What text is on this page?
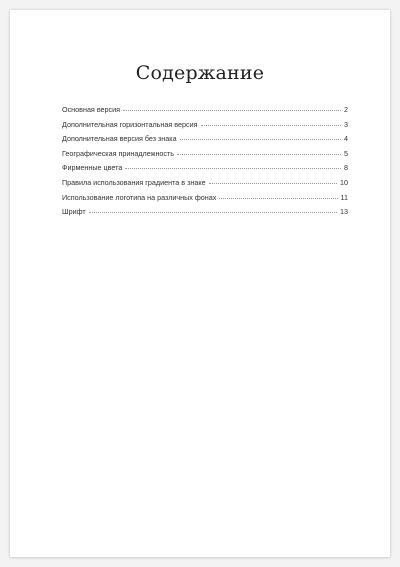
Содержание
Основная версия	2
Дополнительная горизонтальная версия	3
Дополнительная версия без знака	4
Географическая принадлежность	5
Фирменные цвета	8
Правила использования градиента в знаке	10
Использование логотипа на различных фонах	11
Шрифт	13
